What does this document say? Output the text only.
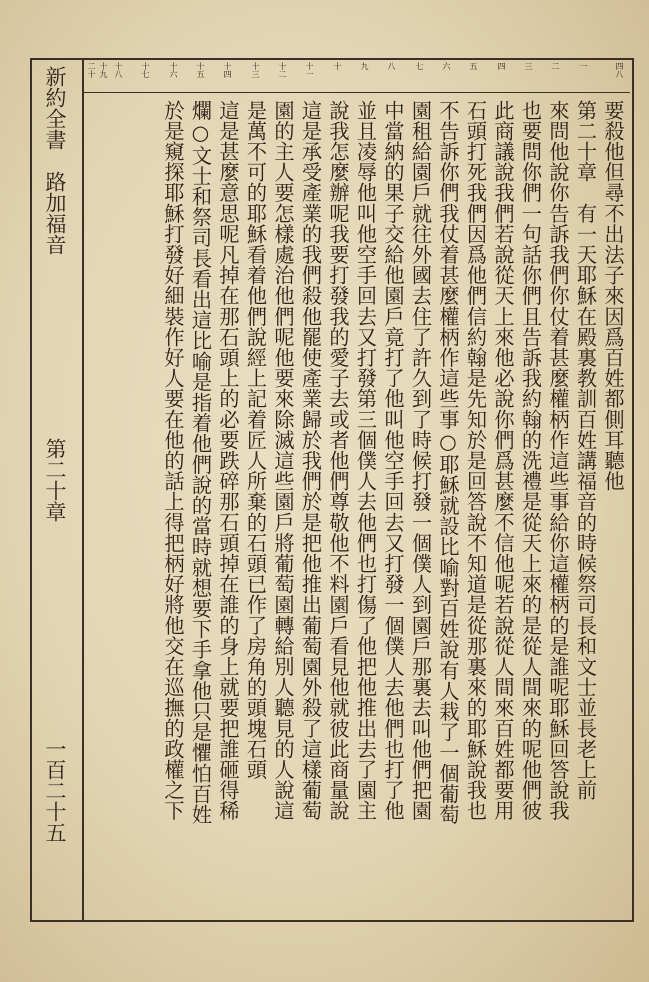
新約全書　路加福音
第二十章
一百二十五
四八
一
二
三
四
五
六
七
八
九
十
十一
十二
十三
十四
十五
十六
十七
十八
十九
二十
要殺他但尋不出法子來因爲百姓都側耳聽他
第二十章　有一天耶穌在殿裏教訓百姓講福音的時候祭司長和文士並長老上前
來問他說你告訴我們你仗着甚麼權柄作這些事給你這權柄的是誰呢耶穌回答說我
也要問你們一句話你們且告訴我約翰的洗禮是從天上來的是從人間來的呢他們彼
此商議說我們若說從天上來他必說你們爲甚麼不信他呢若說從人間來百姓都要用
石頭打死我們因爲他們信約翰是先知於是回答說不知道是從那裏來的耶穌說我也
不告訴你們我仗着甚麼權柄作這些事○耶穌就設比喻對百姓說有人栽了一個葡萄
園租給園戶就往外國去住了許久到了時候打發一個僕人到園戶那裏去叫他們把園
中當納的果子交給他園戶竟打了他叫他空手回去又打發一個僕人去他們也打了他
並且凌辱他叫他空手回去又打發第三個僕人去他們也打傷了他把他推出去了園主
說我怎麼辦呢我要打發我的愛子去或者他們尊敬他不料園戶看見他就彼此商量說
這是承受產業的我們殺他罷使產業歸於我們於是把他推出葡萄園外殺了這樣葡萄
園的主人要怎樣處治他們呢他要來除滅這些園戶將葡萄園轉給別人聽見的人說這
是萬不可的耶穌看着他們說經上記着匠人所棄的石頭已作了房角的頭塊石頭
這是甚麼意思呢凡掉在那石頭上的必要跌碎那石頭掉在誰的身上就要把誰砸得稀
爛○文士和祭司長看出這比喻是指着他們說的當時就想要下手拿他只是懼怕百姓
於是窺探耶穌打發好細裝作好人要在他的話上得把柄好將他交在巡撫的政權之下
